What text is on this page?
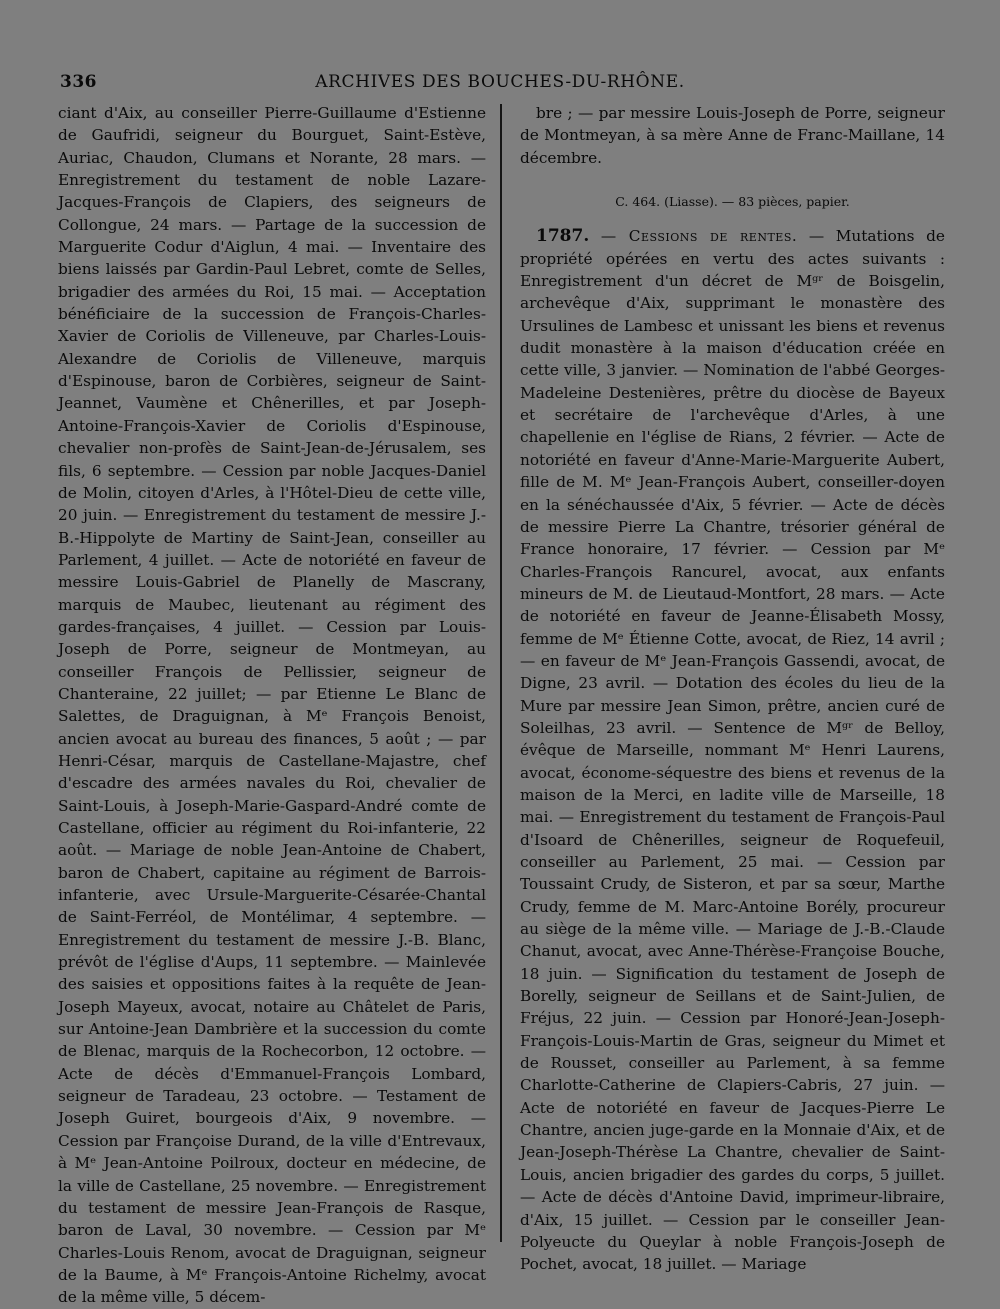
336	ARCHIVES DES BOUCHES-DU-RHÔNE.

ciant d'Aix, au conseiller Pierre-Guillaume d'Estienne de Gaufridi, seigneur du Bourguet, Saint-Estève, Auriac, Chaudon, Clumans et Norante, 28 mars. — Enregistrement du testament de noble Lazare-Jacques-François de Clapiers, des seigneurs de Collongue, 24 mars. — Partage de la succession de Marguerite Codur d'Aiglun, 4 mai. — Inventaire des biens laissés par Gardin-Paul Lebret, comte de Selles, brigadier des armées du Roi, 15 mai. — Acceptation bénéficiaire de la succession de François-Charles-Xavier de Coriolis de Villeneuve, par Charles-Louis-Alexandre de Coriolis de Villeneuve, marquis d'Espinouse, baron de Corbières, seigneur de Saint-Jeannet, Vaumène et Chênerilles, et par Joseph-Antoine-François-Xavier de Coriolis d'Espinouse, chevalier non-profès de Saint-Jean-de-Jérusalem, ses fils, 6 septembre. — Cession par noble Jacques-Daniel de Molin, citoyen d'Arles, à l'Hôtel-Dieu de cette ville, 20 juin. — Enregistrement du testament de messire J.-B.-Hippolyte de Martiny de Saint-Jean, conseiller au Parlement, 4 juillet. — Acte de notoriété en faveur de messire Louis-Gabriel de Planelly de Mascrany, marquis de Maubec, lieutenant au régiment des gardes-françaises, 4 juillet. — Cession par Louis-Joseph de Porre, seigneur de Montmeyan, au conseiller François de Pellissier, seigneur de Chanteraine, 22 juillet; — par Etienne Le Blanc de Salettes, de Draguignan, à Mᵉ François Benoist, ancien avocat au bureau des finances, 5 août ; — par Henri-César, marquis de Castellane-Majastre, chef d'escadre des armées navales du Roi, chevalier de Saint-Louis, à Joseph-Marie-Gaspard-André comte de Castellane, officier au régiment du Roi-infanterie, 22 août. — Mariage de noble Jean-Antoine de Chabert, baron de Chabert, capitaine au régiment de Barrois-infanterie, avec Ursule-Marguerite-Césarée-Chantal de Saint-Ferréol, de Montélimar, 4 septembre. — Enregistrement du testament de messire J.-B. Blanc, prévôt de l'église d'Aups, 11 septembre. — Mainlevée des saisies et oppositions faites à la requête de Jean-Joseph Mayeux, avocat, notaire au Châtelet de Paris, sur Antoine-Jean Dambrière et la succession du comte de Blenac, marquis de la Rochecorbon, 12 octobre. — Acte de décès d'Emmanuel-François Lombard, seigneur de Taradeau, 23 octobre. — Testament de Joseph Guiret, bourgeois d'Aix, 9 novembre. — Cession par Françoise Durand, de la ville d'Entrevaux, à Mᵉ Jean-Antoine Poilroux, docteur en médecine, de la ville de Castellane, 25 novembre. — Enregistrement du testament de messire Jean-François de Rasque, baron de Laval, 30 novembre. — Cession par Mᵉ Charles-Louis Renom, avocat de Draguignan, seigneur de la Baume, à Mᵉ François-Antoine Richelmy, avocat de la même ville, 5 décem-

bre ; — par messire Louis-Joseph de Porre, seigneur de Montmeyan, à sa mère Anne de Franc-Maillane, 14 décembre.

C. 464. (Liasse). — 83 pièces, papier.

1787. — Cessions de rentes. — Mutations de propriété opérées en vertu des actes suivants : Enregistrement d'un décret de Mᵍʳ de Boisgelin, archevêque d'Aix, supprimant le monastère des Ursulines de Lambesc et unissant les biens et revenus dudit monastère à la maison d'éducation créée en cette ville, 3 janvier. — Nomination de l'abbé Georges-Madeleine Destenières, prêtre du diocèse de Bayeux et secrétaire de l'archevêque d'Arles, à une chapellenie en l'église de Rians, 2 février. — Acte de notoriété en faveur d'Anne-Marie-Marguerite Aubert, fille de M. Mᵉ Jean-François Aubert, conseiller-doyen en la sénéchaussée d'Aix, 5 février. — Acte de décès de messire Pierre La Chantre, trésorier général de France honoraire, 17 février. — Cession par Mᵉ Charles-François Rancurel, avocat, aux enfants mineurs de M. de Lieutaud-Montfort, 28 mars. — Acte de notoriété en faveur de Jeanne-Élisabeth Mossy, femme de Mᵉ Étienne Cotte, avocat, de Riez, 14 avril ; — en faveur de Mᵉ Jean-François Gassendi, avocat, de Digne, 23 avril. — Dotation des écoles du lieu de la Mure par messire Jean Simon, prêtre, ancien curé de Soleilhas, 23 avril. — Sentence de Mᵍʳ de Belloy, évêque de Marseille, nommant Mᵉ Henri Laurens, avocat, économe-séquestre des biens et revenus de la maison de la Merci, en ladite ville de Marseille, 18 mai. — Enregistrement du testament de François-Paul d'Isoard de Chênerilles, seigneur de Roquefeuil, conseiller au Parlement, 25 mai. — Cession par Toussaint Crudy, de Sisteron, et par sa sœur, Marthe Crudy, femme de M. Marc-Antoine Borély, procureur au siège de la même ville. — Mariage de J.-B.-Claude Chanut, avocat, avec Anne-Thérèse-Françoise Bouche, 18 juin. — Signification du testament de Joseph de Borelly, seigneur de Seillans et de Saint-Julien, de Fréjus, 22 juin. — Cession par Honoré-Jean-Joseph-François-Louis-Martin de Gras, seigneur du Mimet et de Rousset, conseiller au Parlement, à sa femme Charlotte-Catherine de Clapiers-Cabris, 27 juin. — Acte de notoriété en faveur de Jacques-Pierre Le Chantre, ancien juge-garde en la Monnaie d'Aix, et de Jean-Joseph-Thérèse La Chantre, chevalier de Saint-Louis, ancien brigadier des gardes du corps, 5 juillet. — Acte de décès d'Antoine David, imprimeur-libraire, d'Aix, 15 juillet. — Cession par le conseiller Jean-Polyeucte du Queylar à noble François-Joseph de Pochet, avocat, 18 juillet. — Mariage
